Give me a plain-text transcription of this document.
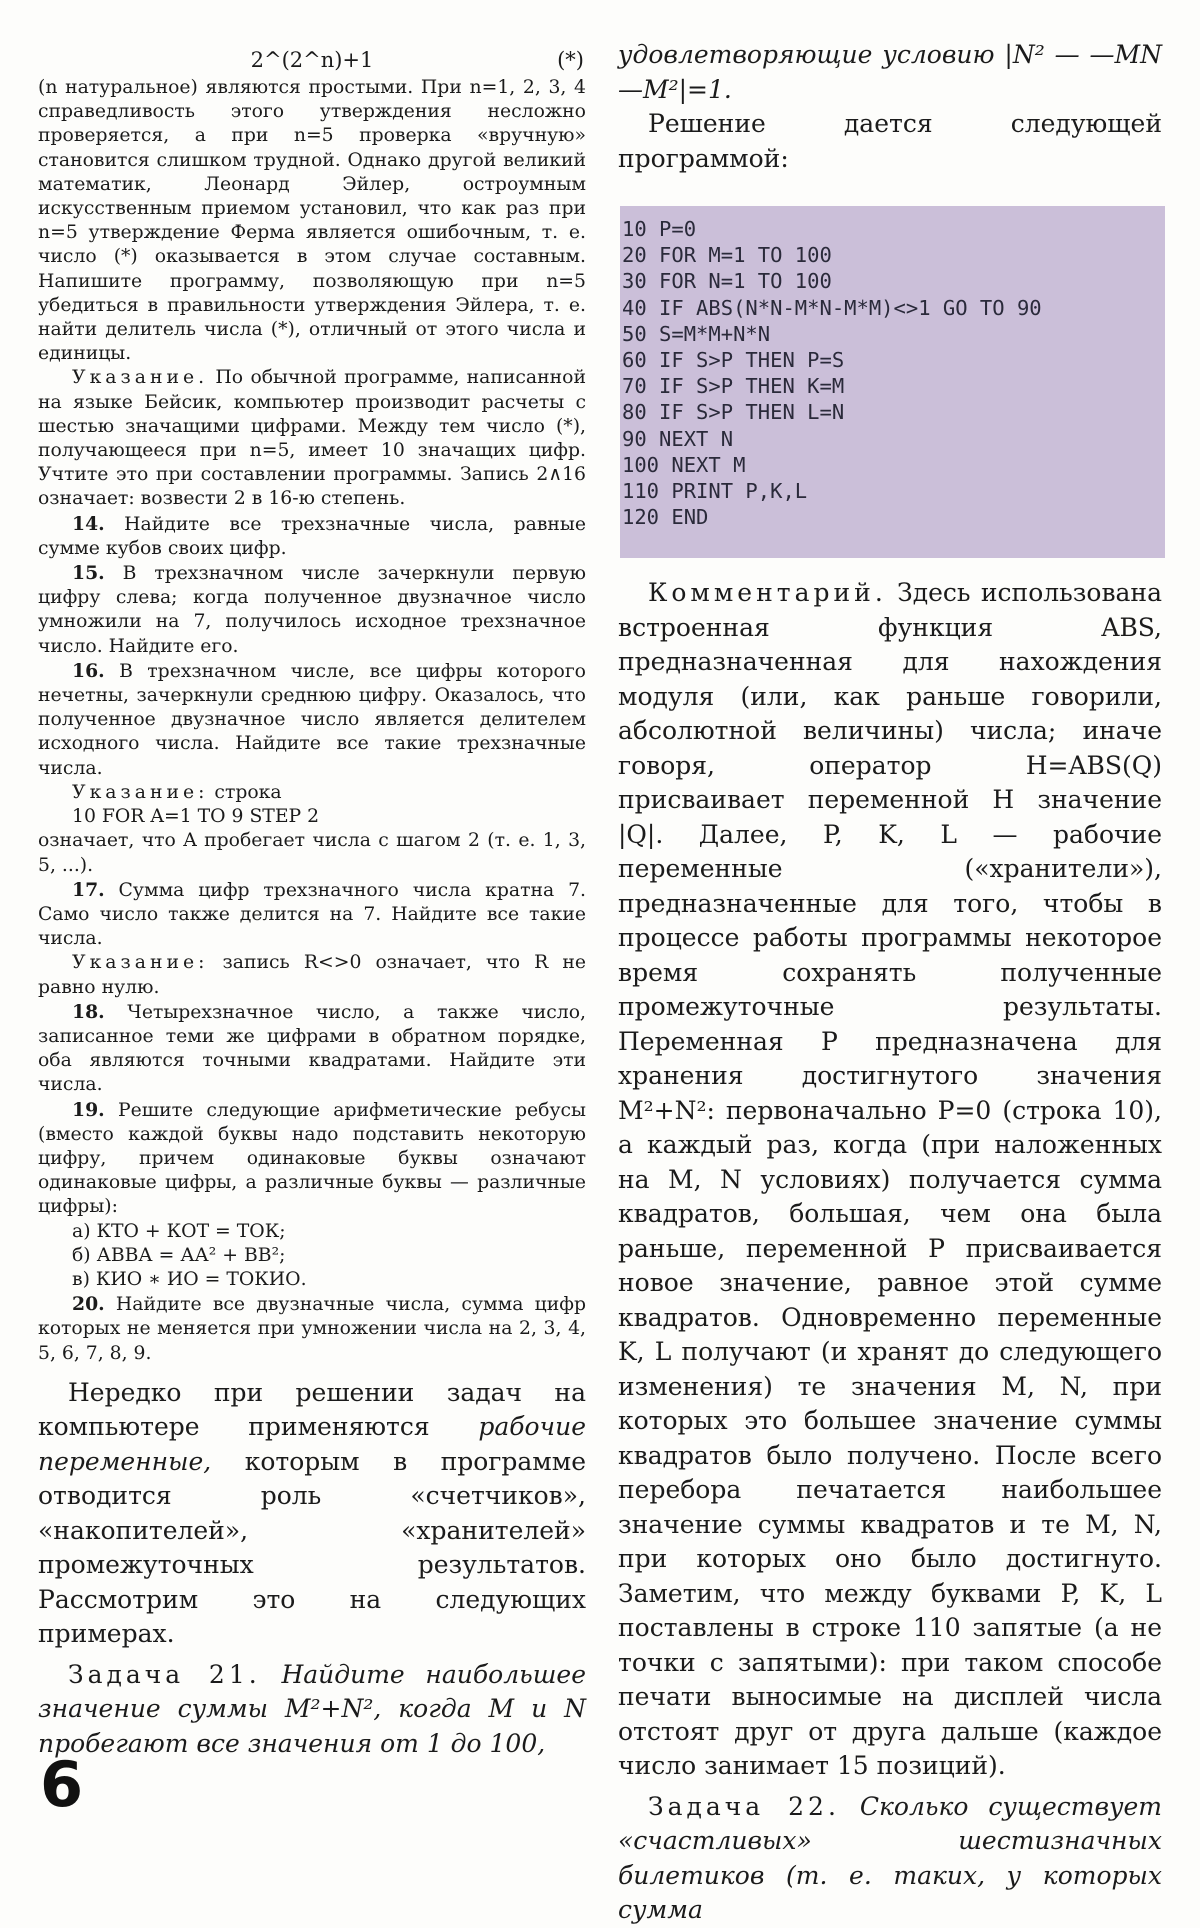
2^(2^n)+1	(*)

(n натуральное) являются простыми. При n=1, 2, 3, 4 справедливость этого утверждения несложно проверяется, а при n=5 проверка «вручную» становится слишком трудной. Однако другой великий математик, Леонард Эйлер, остроумным искусственным приемом установил, что как раз при n=5 утверждение Ферма является ошибочным, т. е. число (*) оказывается в этом случае составным. Напишите программу, позволяющую при n=5 убедиться в правильности утверждения Эйлера, т. е. найти делитель числа (*), отличный от этого числа и единицы.

Указание. По обычной программе, написанной на языке Бейсик, компьютер производит расчеты с шестью значащими цифрами. Между тем число (*), получающееся при n=5, имеет 10 значащих цифр. Учтите это при составлении программы. Запись 2∧16 означает: возвести 2 в 16-ю степень.

14. Найдите все трехзначные числа, равные сумме кубов своих цифр.

15. В трехзначном числе зачеркнули первую цифру слева; когда полученное двузначное число умножили на 7, получилось исходное трехзначное число. Найдите его.

16. В трехзначном числе, все цифры которого нечетны, зачеркнули среднюю цифру. Оказалось, что полученное двузначное число является делителем исходного числа. Найдите все такие трехзначные числа.

Указание: строка

10 FOR A=1 TO 9 STEP 2

означает, что A пробегает числа с шагом 2 (т. е. 1, 3, 5, ...).

17. Сумма цифр трехзначного числа кратна 7. Само число также делится на 7. Найдите все такие числа.

Указание: запись R<>0 означает, что R не равно нулю.

18. Четырехзначное число, а также число, записанное теми же цифрами в обратном порядке, оба являются точными квадратами. Найдите эти числа.

19. Решите следующие арифметические ребусы (вместо каждой буквы надо подставить некоторую цифру, причем одинаковые буквы означают одинаковые цифры, а различные буквы — различные цифры):

а) КТО + КОТ = ТОК;

б) АВВА = АА² + ВВ²;

в) КИО ∗ ИО = ТОКИО.

20. Найдите все двузначные числа, сумма цифр которых не меняется при умножении числа на 2, 3, 4, 5, 6, 7, 8, 9.

Нередко при решении задач на компьютере применяются рабочие переменные, которым в программе отводится роль «счетчиков», «накопителей», «хранителей» промежуточных результатов. Рассмотрим это на следующих примерах.

Задача 21. Найдите наибольшее значение суммы M²+N², когда M и N пробегают все значения от 1 до 100,

удовлетворяющие условию |N² — —MN—M²|=1.

Решение дается следующей программой:

10 P=0
20 FOR M=1 TO 100
30 FOR N=1 TO 100
40 IF ABS(N*N-M*N-M*M)<>1 GO TO 90
50 S=M*M+N*N
60 IF S>P THEN P=S
70 IF S>P THEN K=M
80 IF S>P THEN L=N
90 NEXT N
100 NEXT M
110 PRINT P,K,L
120 END

Комментарий. Здесь использована встроенная функция ABS, предназначенная для нахождения модуля (или, как раньше говорили, абсолютной величины) числа; иначе говоря, оператор H=ABS(Q) присваивает переменной H значение |Q|. Далее, P, K, L — рабочие переменные («хранители»), предназначенные для того, чтобы в процессе работы программы некоторое время сохранять полученные промежуточные результаты. Переменная P предназначена для хранения достигнутого значения M²+N²: первоначально P=0 (строка 10), а каждый раз, когда (при наложенных на M, N условиях) получается сумма квадратов, большая, чем она была раньше, переменной P присваивается новое значение, равное этой сумме квадратов. Одновременно переменные K, L получают (и хранят до следующего изменения) те значения M, N, при которых это большее значение суммы квадратов было получено. После всего перебора печатается наибольшее значение суммы квадратов и те M, N, при которых оно было достигнуто. Заметим, что между буквами P, K, L поставлены в строке 110 запятые (а не точки с запятыми): при таком способе печати выносимые на дисплей числа отстоят друг от друга дальше (каждое число занимает 15 позиций).

Задача 22. Сколько существует «счастливых» шестизначных билетиков (т. е. таких, у которых сумма

6
